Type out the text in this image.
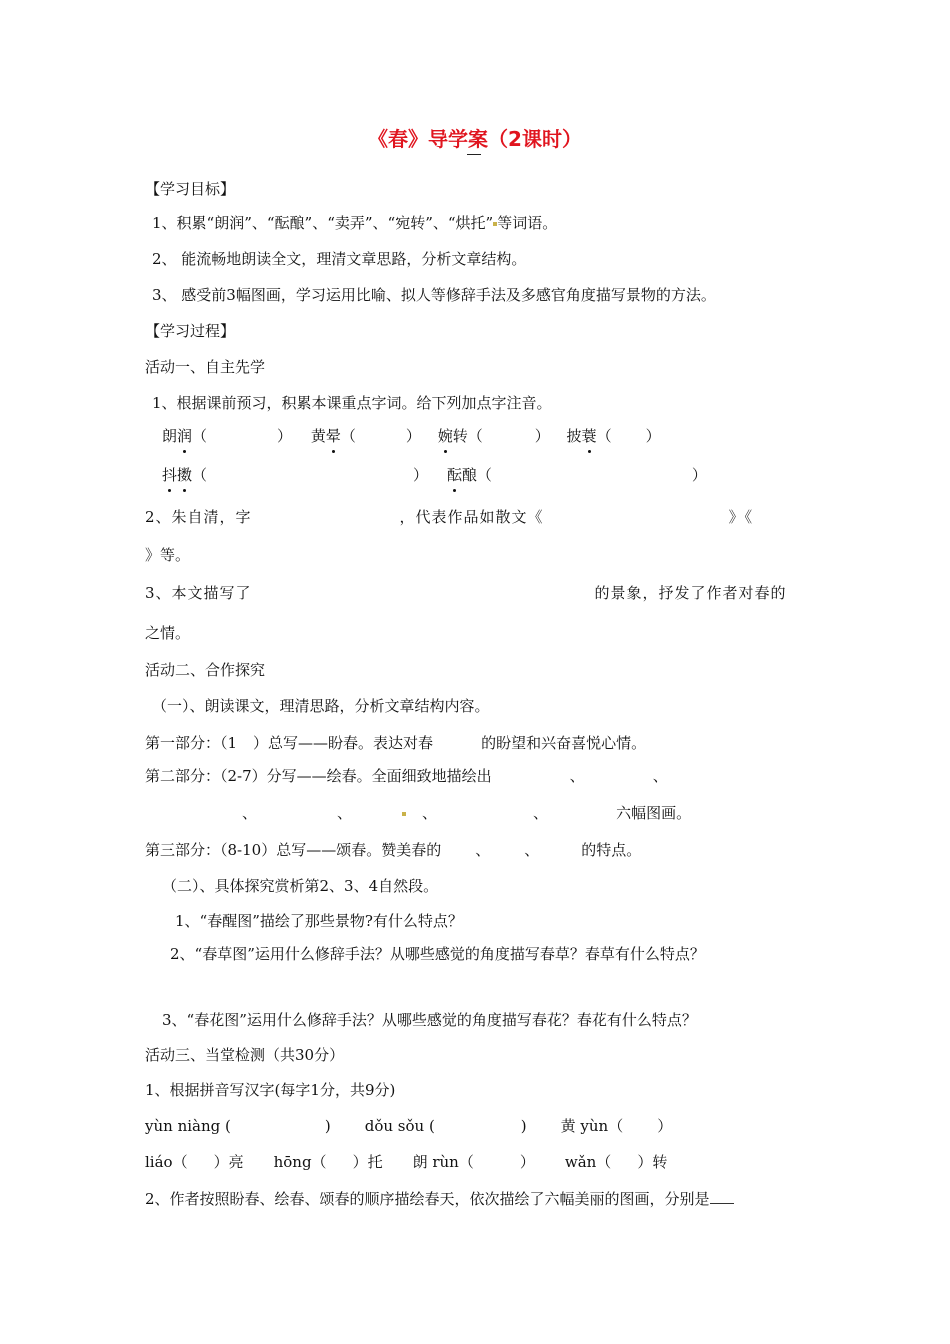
《春》导学案（2课时）
【学习目标】
1、积累“朗润”、“酝酿”、“卖弄”、“宛转”、“烘托” 等词语。
2、 能流畅地朗读全文，理清文章思路，分析文章结构。
3、 感受前3幅图画，学习运用比喻、拟人等修辞手法及多感官角度描写景物的方法。
【学习过程】
活动一、自主先学
1、根据课前预习，积累本课重点字词。给下列加点字注音。
朗润（	） 黄晕（	） 婉转（	） 披蓑（ ）
抖擞（	） 酝酿（	）
2、朱自清，字	，代表作品如散文《	》《
》等。
3、本文描写了	的景象，抒发了作者对春的
之情。
活动二、合作探究
（一）、朗读课文，理清思路，分析文章结构内容。
第一部分：（1 ）总写——盼春。表达对春	的盼望和兴奋喜悦心情。
第二部分：（2-7）分写——绘春。全面细致地描绘出	、	、
、	、	、	、	六幅图画。
第三部分：（8-10）总写——颂春。赞美春的 、 、	的特点。
（二）、具体探究赏析第2、3、4自然段。
1、“春醒图”描绘了那些景物?有什么特点？
2、“春草图”运用什么修辞手法？从哪些感觉的角度描写春草？春草有什么特点？
3、“春花图”运用什么修辞手法？从哪些感觉的角度描写春花？春花有什么特点？
活动三、当堂检测（共30分）
1、根据拼音写汉字(每字1分，共9分)
yùn niàng (	) dǒu sǒu (	) 黄 yùn（ ）
liáo（ ）亮 hōng（ ）托 朗 rùn（	） wǎn（ ）转
2、作者按照盼春、绘春、颂春的顺序描绘春天，依次描绘了六幅美丽的图画，分别是
